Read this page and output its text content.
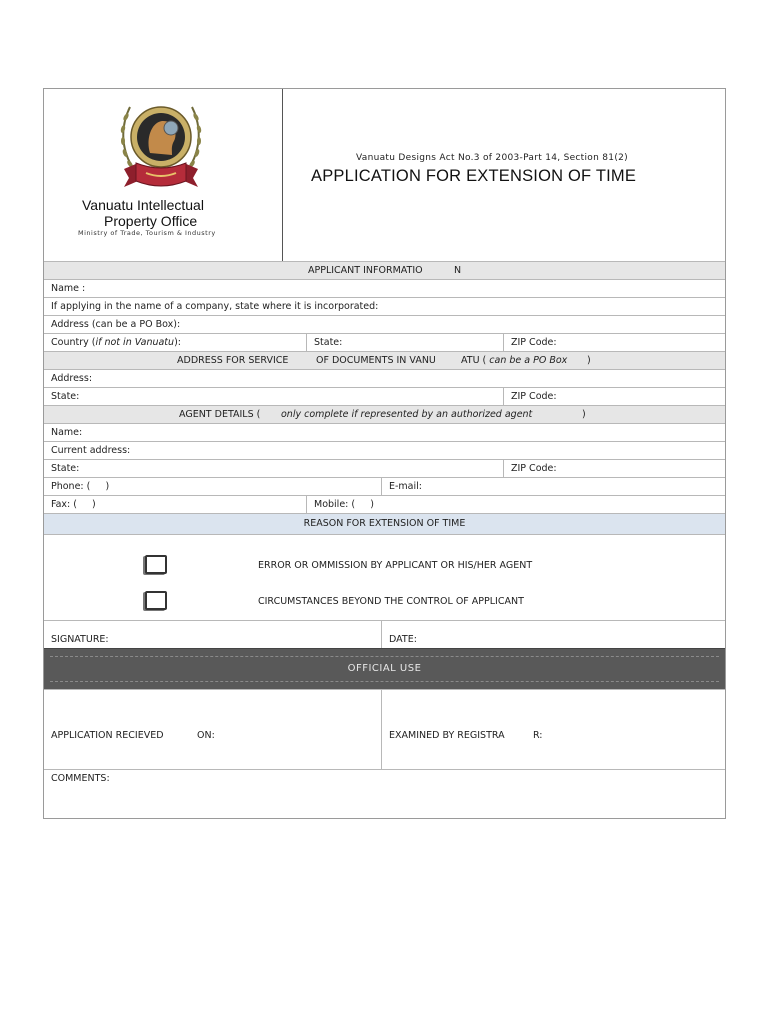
Vanuatu Intellectual
Property Office
Ministry of Trade, Tourism & Industry
Vanuatu Designs Act No.3 of 2003-Part 14, Section 81(2)
APPLICATION FOR EXTENSION OF TIME
APPLICANT INFORMATIO	N
Name :
If applying in the name of a company, state where it is incorporated:
Address (can be a PO Box):
Country (if not in Vanuatu):	State:	ZIP Code:
ADDRESS FOR SERVICE	OF DOCUMENTS IN VANU	ATU ( can be a PO Box )
Address:
State:	ZIP Code:
AGENT DETAILS ( only complete if represented by an authorized agent	)
Name:
Current address:
State:	ZIP Code:
Phone: (     )	E-mail:
Fax: (     )	Mobile: (     )
REASON FOR EXTENSION OF TIME
ERROR OR OMMISSION BY APPLICANT OR HIS/HER AGENT
CIRCUMSTANCES BEYOND THE CONTROL OF APPLICANT
SIGNATURE:	DATE:
OFFICIAL USE
APPLICATION RECIEVED	ON:	EXAMINED BY REGISTRA	R:
COMMENTS:
